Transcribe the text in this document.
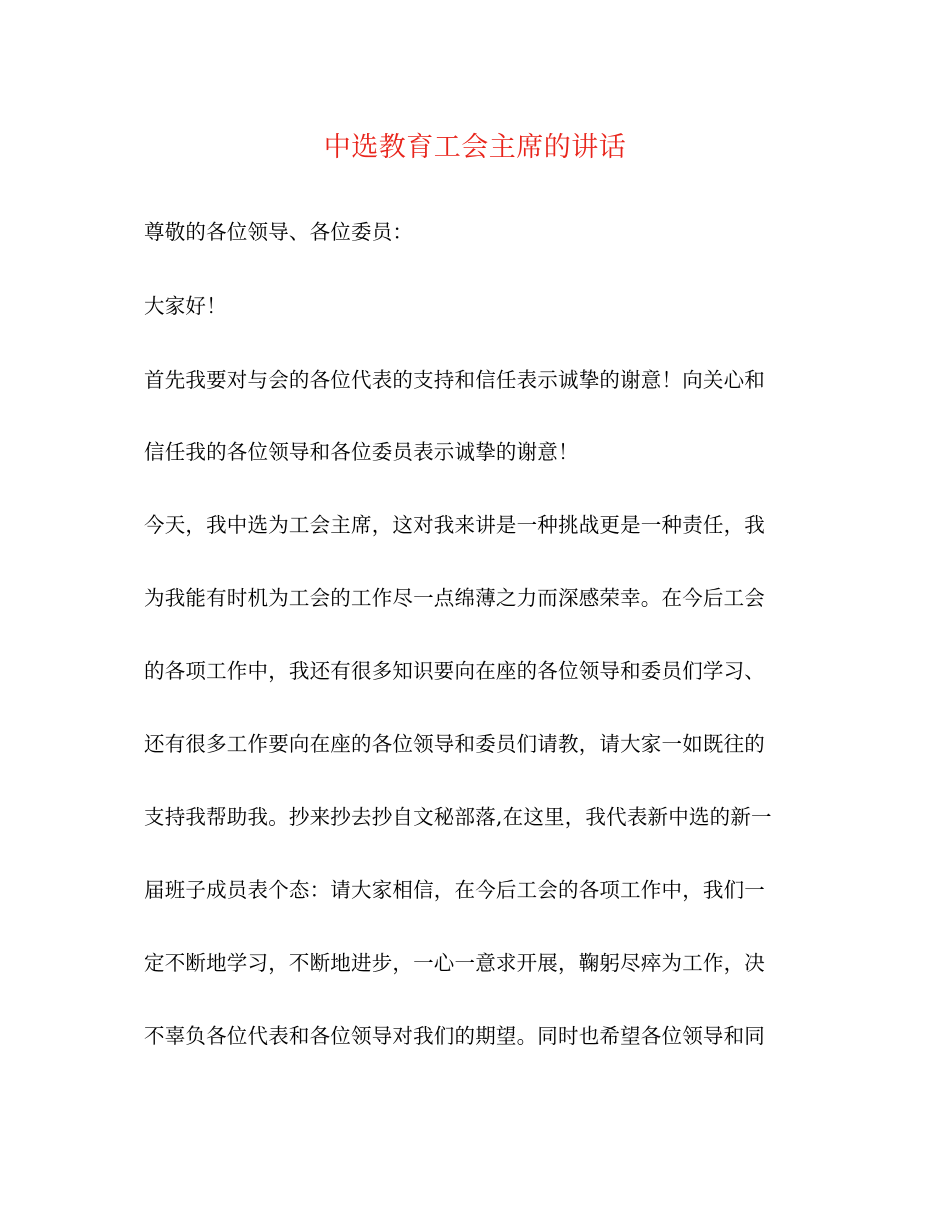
中选教育工会主席的讲话
尊敬的各位领导、各位委员：
大家好！
首先我要对与会的各位代表的支持和信任表示诚挚的谢意！向关心和
信任我的各位领导和各位委员表示诚挚的谢意！
今天，我中选为工会主席，这对我来讲是一种挑战更是一种责任，我
为我能有时机为工会的工作尽一点绵薄之力而深感荣幸。在今后工会
的各项工作中，我还有很多知识要向在座的各位领导和委员们学习、
还有很多工作要向在座的各位领导和委员们请教，请大家一如既往的
支持我帮助我。抄来抄去抄自文秘部落,在这里，我代表新中选的新一
届班子成员表个态：请大家相信，在今后工会的各项工作中，我们一
定不断地学习，不断地进步，一心一意求开展，鞠躬尽瘁为工作，决
不辜负各位代表和各位领导对我们的期望。同时也希望各位领导和同
